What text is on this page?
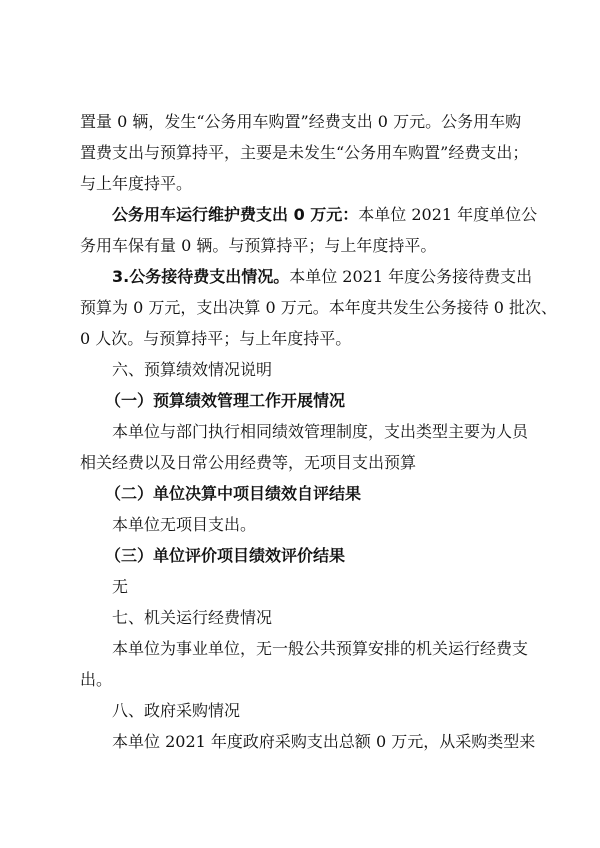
置量 0 辆，发生“公务用车购置”经费支出 0 万元。公务用车购
置费支出与预算持平，主要是未发生“公务用车购置”经费支出；
与上年度持平。
公务用车运行维护费支出 0 万元：本单位 2021 年度单位公
务用车保有量 0 辆。与预算持平；与上年度持平。
3.公务接待费支出情况。本单位 2021 年度公务接待费支出
预算为 0 万元，支出决算 0 万元。本年度共发生公务接待 0 批次、
0 人次。与预算持平；与上年度持平。
六、预算绩效情况说明
（一）预算绩效管理工作开展情况
本单位与部门执行相同绩效管理制度，支出类型主要为人员
相关经费以及日常公用经费等，无项目支出预算
（二）单位决算中项目绩效自评结果
本单位无项目支出。
（三）单位评价项目绩效评价结果
无
七、机关运行经费情况
本单位为事业单位，无一般公共预算安排的机关运行经费支
出。
八、政府采购情况
本单位 2021 年度政府采购支出总额 0 万元，从采购类型来
